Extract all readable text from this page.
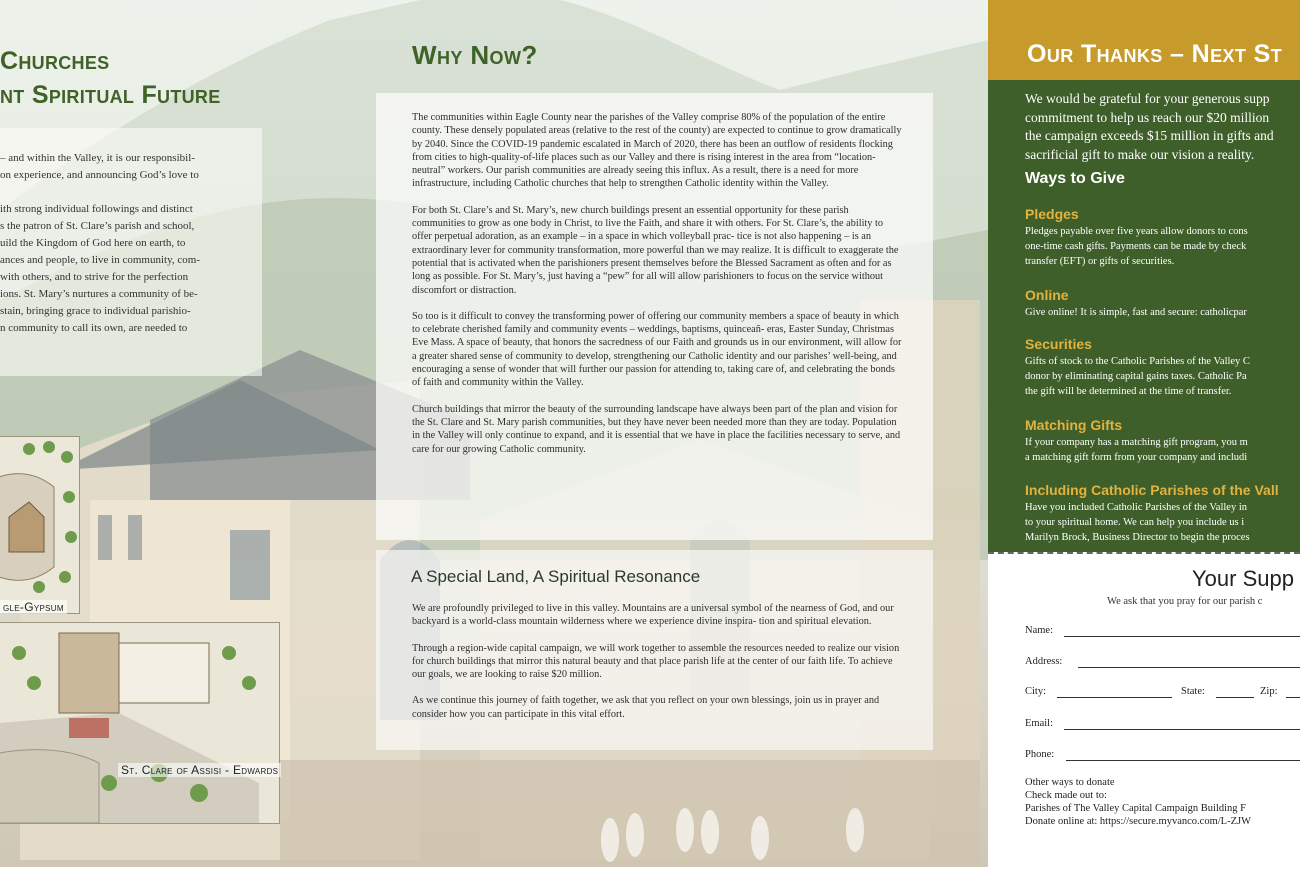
Churches
nt Spiritual Future

– and within the Valley, it is our responsibil-
on experience, and announcing God’s love to

ith strong individual followings and distinct
s the patron of St. Clare’s parish and school,
uild the Kingdom of God here on earth, to
ances and people, to live in community, com-
with others, and to strive for the perfection
ions. St. Mary’s nurtures a community of be-
stain, bringing grace to individual parishio-
n community to call its own, are needed to

gle-Gypsum
St. Clare of Assisi - Edwards
Why Now?

The communities within Eagle County near the parishes of the Valley comprise 80% of the population of the entire county. These densely populated areas (relative to the rest of the county) are expected to continue to grow dramatically by 2040. Since the COVID-19 pandemic escalated in March of 2020, there has been an outflow of residents flocking from cities to high-quality-of-life places such as our Valley and there is rising interest in the area from “location-neutral” workers. Our parish communities are already seeing this influx. As a result, there is a need for more infrastructure, including Catholic churches that help to strengthen Catholic identity within the Valley.

For both St. Clare’s and St. Mary’s, new church buildings present an essential opportunity for these parish communities to grow as one body in Christ, to live the Faith, and share it with others. For St. Clare’s, the ability to offer perpetual adoration, as an example – in a space in which volleyball prac- tice is not also happening – is an extraordinary lever for community transformation, more powerful than we may realize. It is difficult to exaggerate the potential that is activated when the parishioners present themselves before the Blessed Sacrament as often and for as long as possible. For St. Mary’s, just having a “pew” for all will allow parishioners to focus on the service without discomfort or distraction.

So too is it difficult to convey the transforming power of offering our community members a space of beauty in which to celebrate cherished family and community events – weddings, baptisms, quinceañ- eras, Easter Sunday, Christmas Eve Mass. A space of beauty, that honors the sacredness of our Faith and grounds us in our environment, will allow for a greater shared sense of community to develop, strengthening our Catholic identity and our parishes’ well-being, and encouraging a sense of wonder that will further our passion for attending to, taking care of, and celebrating the bonds of faith and community within the Valley.

Church buildings that mirror the beauty of the surrounding landscape have always been part of the plan and vision for the St. Clare and St. Mary parish communities, but they have never been needed more than they are today. Population in the Valley will only continue to expand, and it is essential that we have in place the facilities necessary to serve, and care for our growing Catholic community.

A Special Land, A Spiritual Resonance

We are profoundly privileged to live in this valley. Mountains are a universal symbol of the nearness of God, and our backyard is a world-class mountain wilderness where we experience divine inspira- tion and spiritual elevation.

Through a region-wide capital campaign, we will work together to assemble the resources needed to realize our vision for church buildings that mirror this natural beauty and that place parish life at the center of our faith life. To achieve our goals, we are looking to raise $20 million.

As we continue this journey of faith together, we ask that you reflect on your own blessings, join us in prayer and consider how you can participate in this vital effort.

Our Thanks – Next St
We would be grateful for your generous supp
commitment to help us reach our $20 million
the campaign exceeds $15 million in gifts and
sacrificial gift to make our vision a reality.
Ways to Give
Pledges
Pledges payable over five years allow donors to cons
one-time cash gifts. Payments can be made by check
transfer (EFT) or gifts of securities.
Online
Give online! It is simple, fast and secure: catholicpar
Securities
Gifts of stock to the Catholic Parishes of the Valley C
donor by eliminating capital gains taxes. Catholic Pa
the gift will be determined at the time of transfer.
Matching Gifts
If your company has a matching gift program, you m
a matching gift form from your company and includi
Including Catholic Parishes of the Vall
Have you included Catholic Parishes of the Valley in
to your spiritual home. We can help you include us i
Marilyn Brock, Business Director to begin the proces
Your Supp
We ask that you pray for our parish c
Name:
Address:
City:	State:	Zip:
Email:
Phone:
Other ways to donate
Check made out to:
Parishes of The Valley Capital Campaign Building F
Donate online at: https://secure.myvanco.com/L-ZJW
